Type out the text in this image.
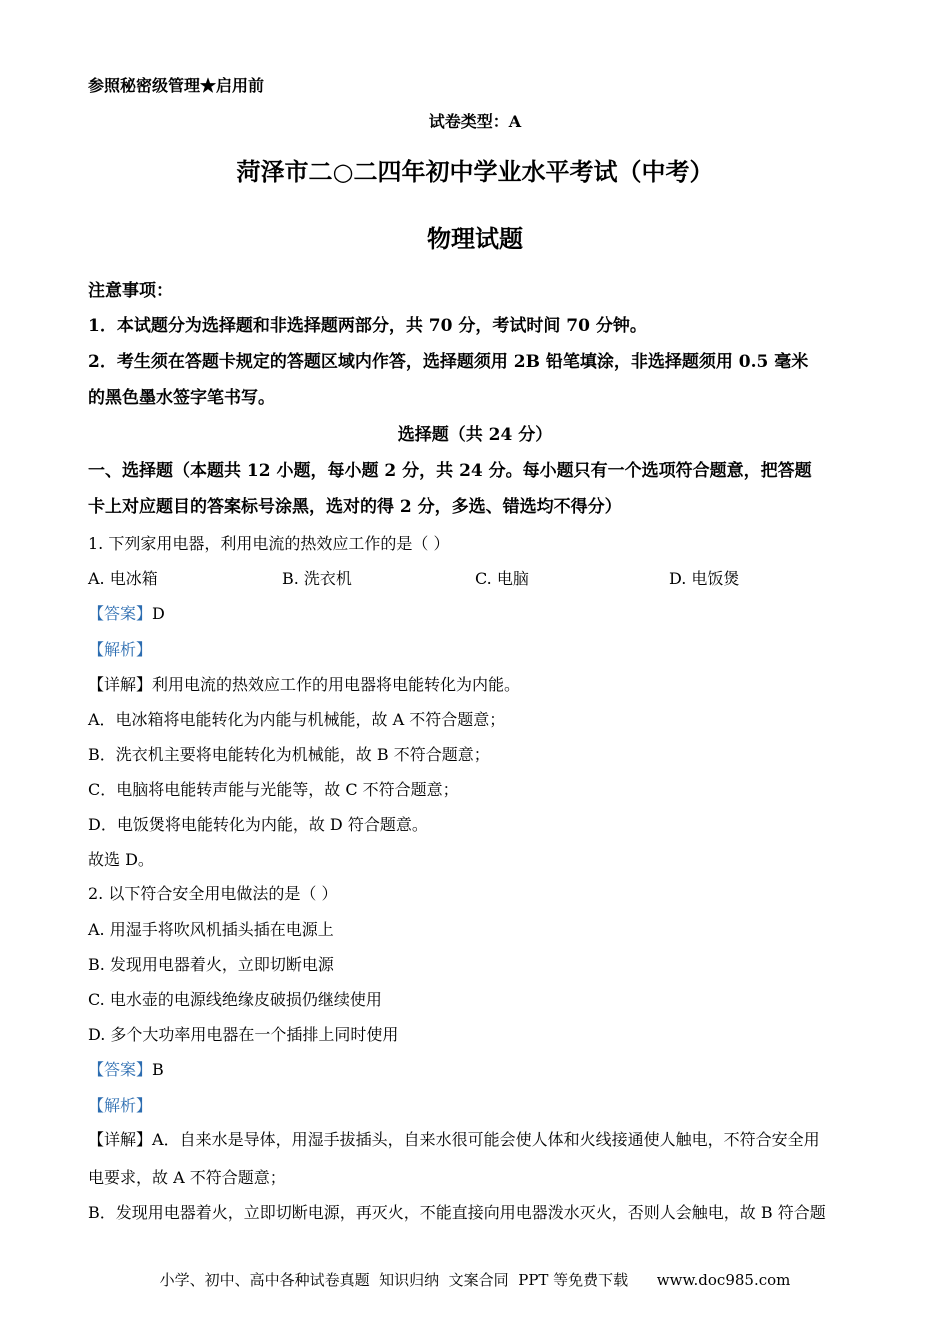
参照秘密级管理★启用前
试卷类型：A
菏泽市二○二四年初中学业水平考试（中考）
物理试题
注意事项：
1．本试题分为选择题和非选择题两部分，共 70 分，考试时间 70 分钟。
2．考生须在答题卡规定的答题区域内作答，选择题须用 2B 铅笔填涂，非选择题须用 0.5 毫米
的黑色墨水签字笔书写。
选择题（共 24 分）
一、选择题（本题共 12 小题，每小题 2 分，共 24 分。每小题只有一个选项符合题意，把答题
卡上对应题目的答案标号涂黑，选对的得 2 分，多选、错选均不得分）
1. 下列家用电器，利用电流的热效应工作的是（ ）
A. 电冰箱	B. 洗衣机	C. 电脑	D. 电饭煲
【答案】D
【解析】
【详解】利用电流的热效应工作的用电器将电能转化为内能。
A．电冰箱将电能转化为内能与机械能，故 A 不符合题意；
B．洗衣机主要将电能转化为机械能，故 B 不符合题意；
C．电脑将电能转声能与光能等，故 C 不符合题意；
D．电饭煲将电能转化为内能，故 D 符合题意。
故选 D。
2. 以下符合安全用电做法的是（ ）
A. 用湿手将吹风机插头插在电源上
B. 发现用电器着火，立即切断电源
C. 电水壶的电源线绝缘皮破损仍继续使用
D. 多个大功率用电器在一个插排上同时使用
【答案】B
【解析】
【详解】A．自来水是导体，用湿手拔插头，自来水很可能会使人体和火线接通使人触电，不符合安全用
电要求，故 A 不符合题意；
B．发现用电器着火，立即切断电源，再灭火，不能直接向用电器泼水灭火，否则人会触电，故 B 符合题
小学、初中、高中各种试卷真题  知识归纳  文案合同  PPT 等免费下载      www.doc985.com
